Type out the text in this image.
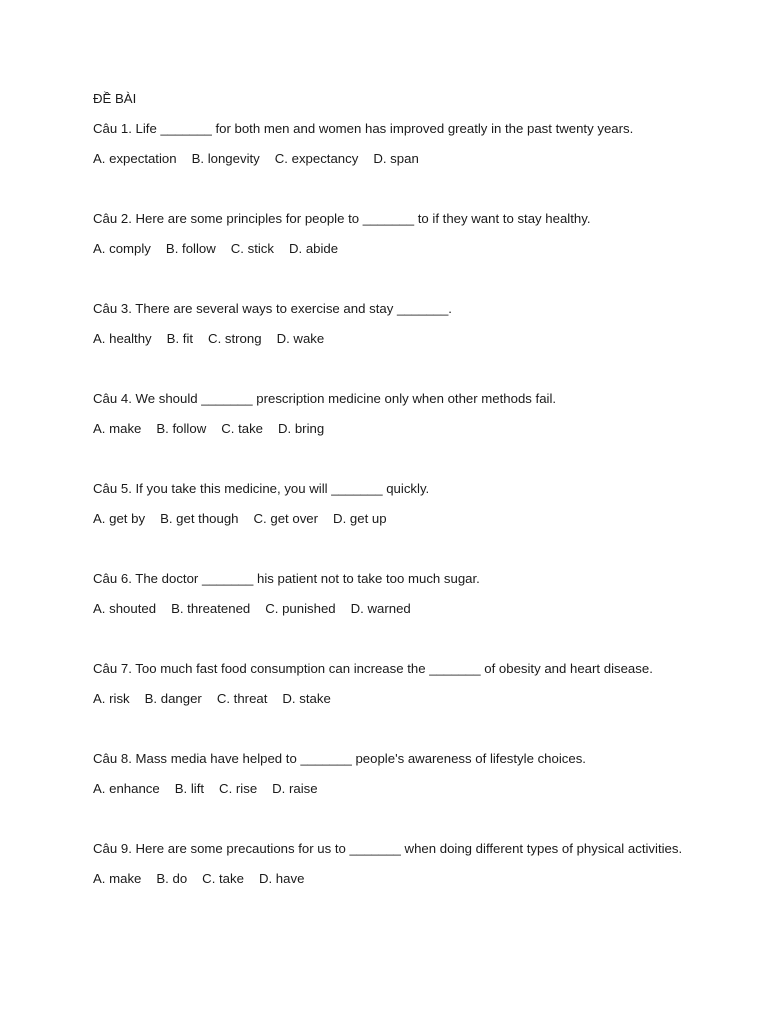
ĐỀ BÀI

Câu 1. Life _______ for both men and women has improved greatly in the past twenty years.

A. expectation B. longevity C. expectancy D. span

Câu 2. Here are some principles for people to _______ to if they want to stay healthy.

A. comply B. follow C. stick D. abide

Câu 3. There are several ways to exercise and stay _______.

A. healthy B. fit C. strong D. wake

Câu 4. We should _______ prescription medicine only when other methods fail.

A. make B. follow C. take D. bring

Câu 5. If you take this medicine, you will _______ quickly.

A. get by B. get though C. get over D. get up

Câu 6. The doctor _______ his patient not to take too much sugar.

A. shouted B. threatened C. punished D. warned

Câu 7. Too much fast food consumption can increase the _______ of obesity and heart disease.

A. risk B. danger C. threat D. stake

Câu 8. Mass media have helped to _______ people's awareness of lifestyle choices.

A. enhance B. lift C. rise D. raise

Câu 9. Here are some precautions for us to _______ when doing different types of physical activities.

A. make B. do C. take D. have
